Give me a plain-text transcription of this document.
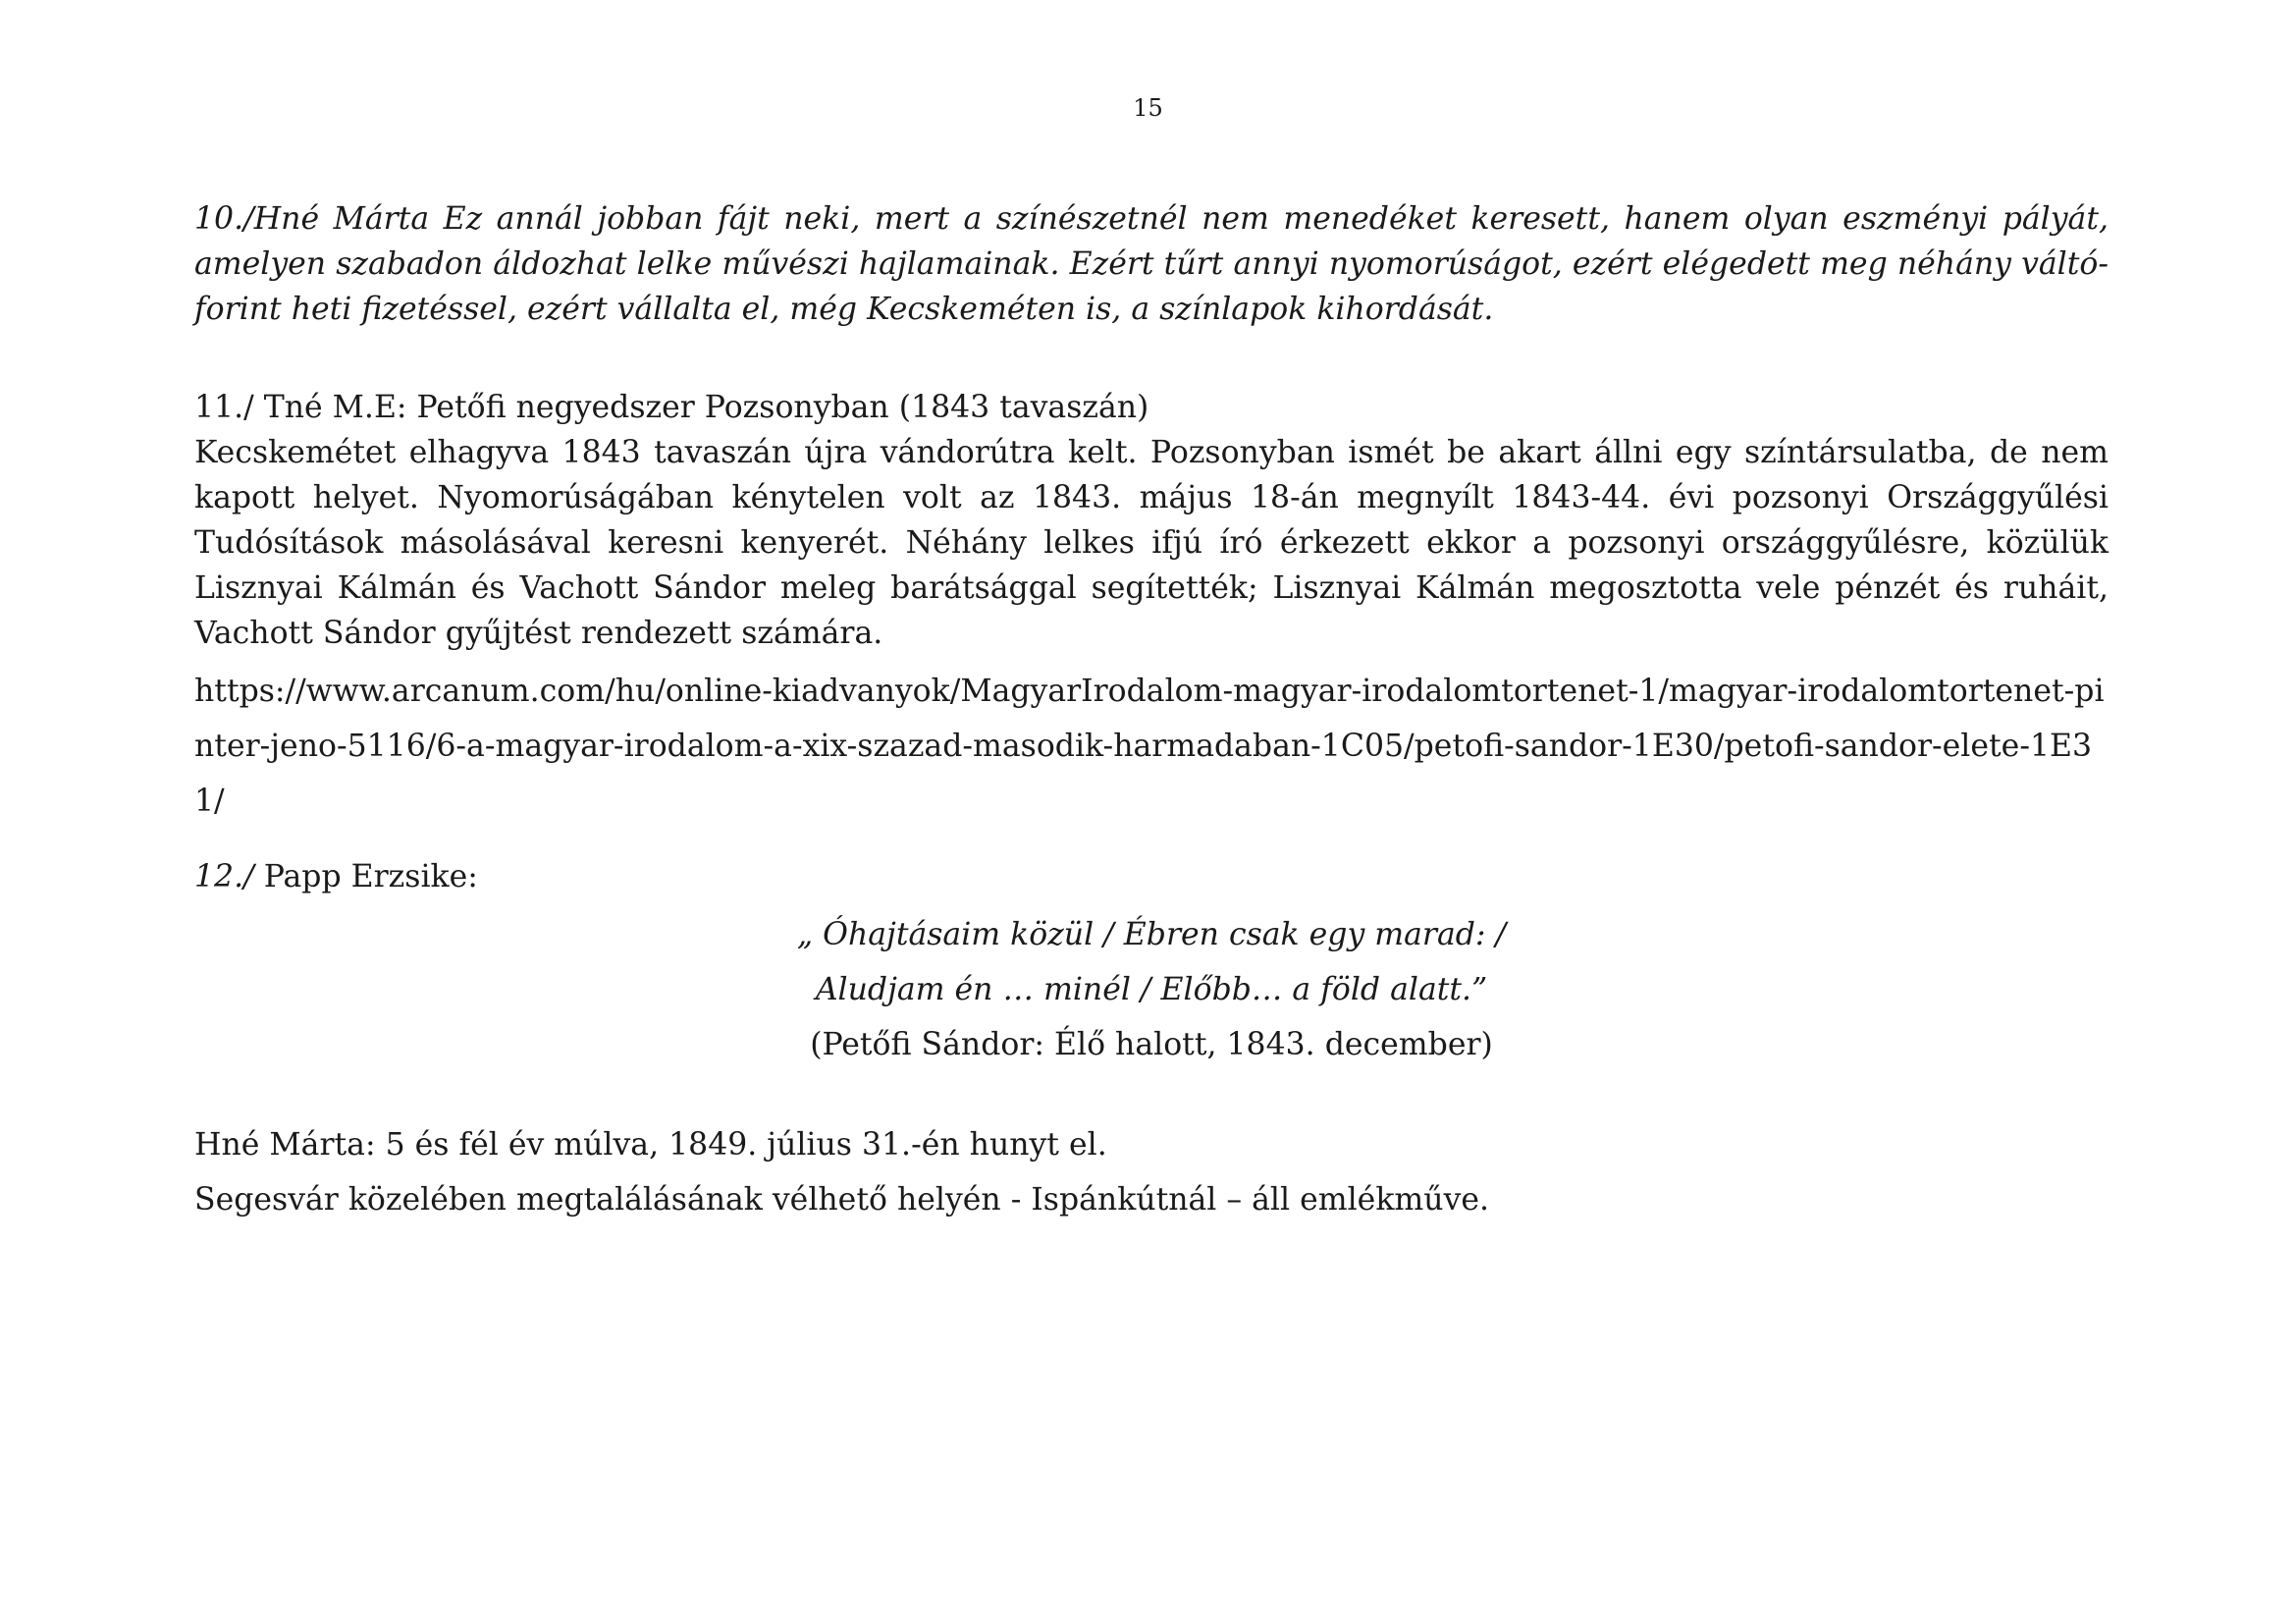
15

10./Hné Márta Ez annál jobban fájt neki, mert a színészetnél nem menedéket keresett, hanem olyan eszményi pályát, amelyen szabadon áldozhat lelke művészi hajlamainak. Ezért tűrt annyi nyomorúságot, ezért elégedett meg néhány váltó-forint heti fizetéssel, ezért vállalta el, még Kecskeméten is, a színlapok kihordását.

11./ Tné M.E: Petőfi negyedszer Pozsonyban (1843 tavaszán)

Kecskemétet elhagyva 1843 tavaszán újra vándorútra kelt. Pozsonyban ismét be akart állni egy színtársulatba, de nem kapott helyet. Nyomorúságában kénytelen volt az 1843. május 18-án megnyílt 1843-44. évi pozsonyi Országgyűlési Tudósítások másolásával keresni kenyerét. Néhány lelkes ifjú író érkezett ekkor a pozsonyi országgyűlésre, közülük Lisznyai Kálmán és Vachott Sándor meleg barátsággal segítették; Lisznyai Kálmán megosztotta vele pénzét és ruháit, Vachott Sándor gyűjtést rendezett számára.

https://www.arcanum.com/hu/online-kiadvanyok/MagyarIrodalom-magyar-irodalomtortenet-1/magyar-irodalomtortenet-pinter-jeno-5116/6-a-magyar-irodalom-a-xix-szazad-masodik-harmadaban-1C05/petofi-sandor-1E30/petofi-sandor-elete-1E31/
12./ Papp Erzsike:
„ Óhajtásaim közül / Ébren csak egy marad: /
Aludjam én … minél / Előbb… a föld alatt.”
(Petőfi Sándor: Élő halott, 1843. december)
Hné Márta: 5 és fél év múlva, 1849. július 31.-én hunyt el.
Segesvár közelében megtalálásának vélhető helyén - Ispánkútnál – áll emlékműve.
